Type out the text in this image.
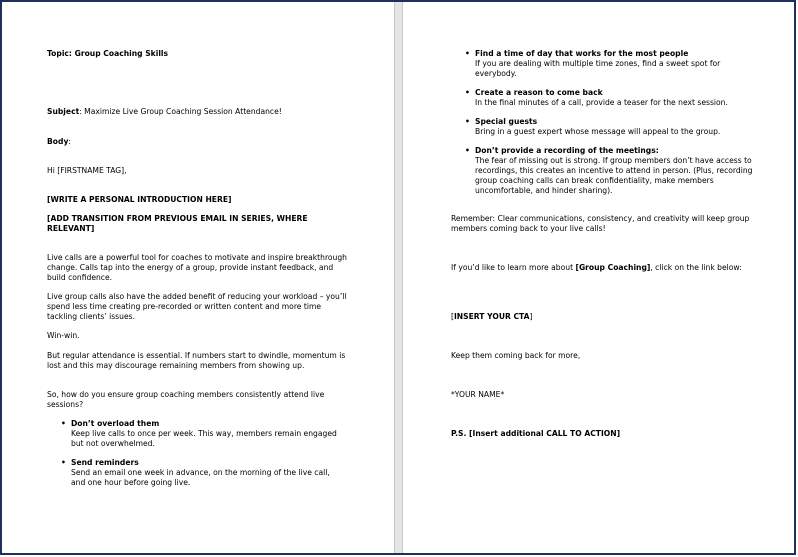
Topic: Group Coaching Skills

Subject: Maximize Live Group Coaching Session Attendance!

Body:

Hi [FIRSTNAME TAG],

[WRITE A PERSONAL INTRODUCTION HERE]

[ADD TRANSITION FROM PREVIOUS EMAIL IN SERIES, WHERE RELEVANT]

Live calls are a powerful tool for coaches to motivate and inspire breakthrough change. Calls tap into the energy of a group, provide instant feedback, and build confidence.

Live group calls also have the added benefit of reducing your workload – you’ll spend less time creating pre-recorded or written content and more time tackling clients’ issues.

Win-win.

But regular attendance is essential. If numbers start to dwindle, momentum is lost and this may discourage remaining members from showing up.

So, how do you ensure group coaching members consistently attend live sessions?

• Don’t overload them
Keep live calls to once per week. This way, members remain engaged but not overwhelmed.
• Send reminders
Send an email one week in advance, on the morning of the live call, and one hour before going live.
• Find a time of day that works for the most people
If you are dealing with multiple time zones, find a sweet spot for everybody.
• Create a reason to come back
In the final minutes of a call, provide a teaser for the next session.
• Special guests
Bring in a guest expert whose message will appeal to the group.
• Don’t provide a recording of the meetings:
The fear of missing out is strong. If group members don’t have access to recordings, this creates an incentive to attend in person. (Plus, recording group coaching calls can break confidentiality, make members uncomfortable, and hinder sharing).

Remember: Clear communications, consistency, and creativity will keep group members coming back to your live calls!

If you’d like to learn more about [Group Coaching], click on the link below:

[INSERT YOUR CTA]

Keep them coming back for more,

*YOUR NAME*

P.S. [Insert additional CALL TO ACTION]
